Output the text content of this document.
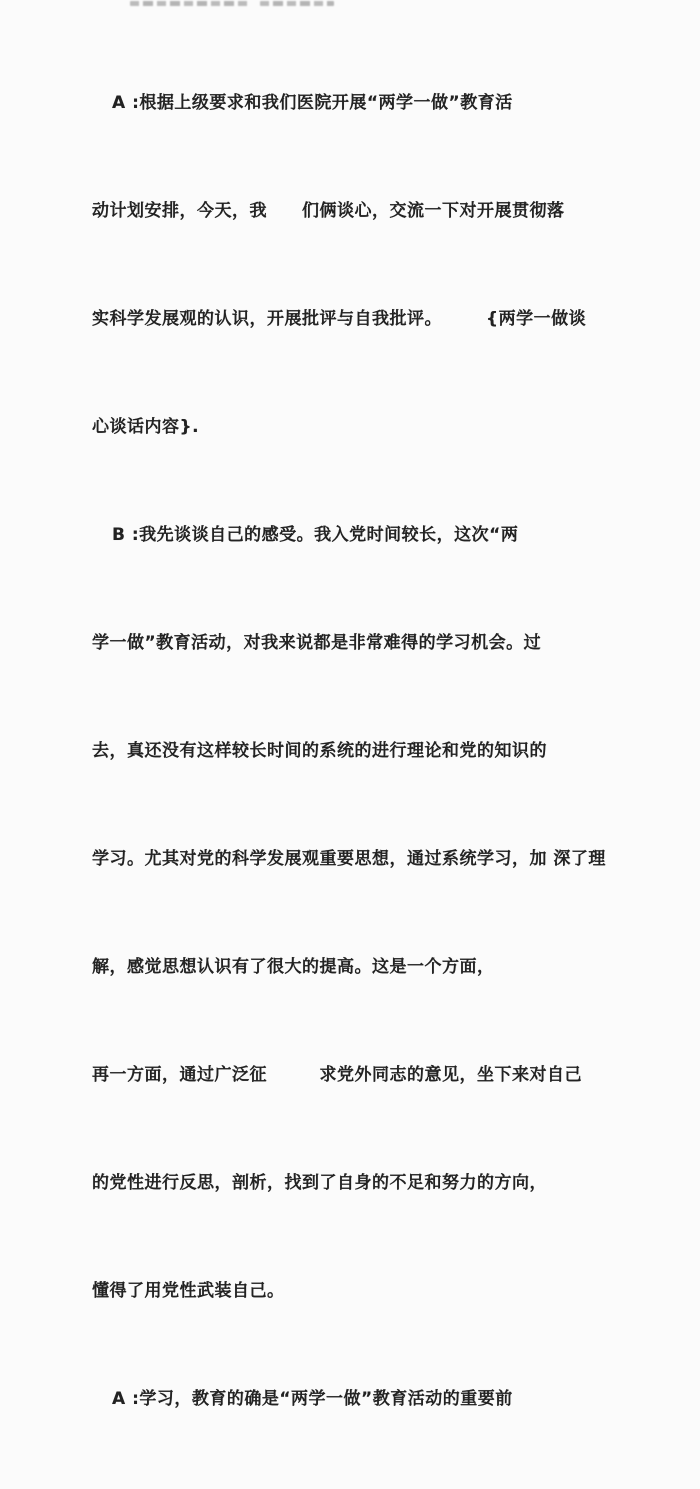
A :根据上级要求和我们医院开展“两学一做”教育活

动计划安排，今天，我　　们俩谈心，交流一下对开展贯彻落

实科学发展观的认识，开展批评与自我批评。　　　{两学一做谈

心谈话内容}.

B :我先谈谈自己的感受。我入党时间较长，这次“两

学一做”教育活动，对我来说都是非常难得的学习机会。过

去，真还没有这样较长时间的系统的进行理论和党的知识的

学习。尤其对党的科学发展观重要思想，通过系统学习，加 深了理

解，感觉思想认识有了很大的提高。这是一个方面，

再一方面，通过广泛征　　　求党外同志的意见，坐下来对自己

的党性进行反思，剖析，找到了自身的不足和努力的方向，

懂得了用党性武装自己。

A :学习，教育的确是“两学一做”教育活动的重要前
